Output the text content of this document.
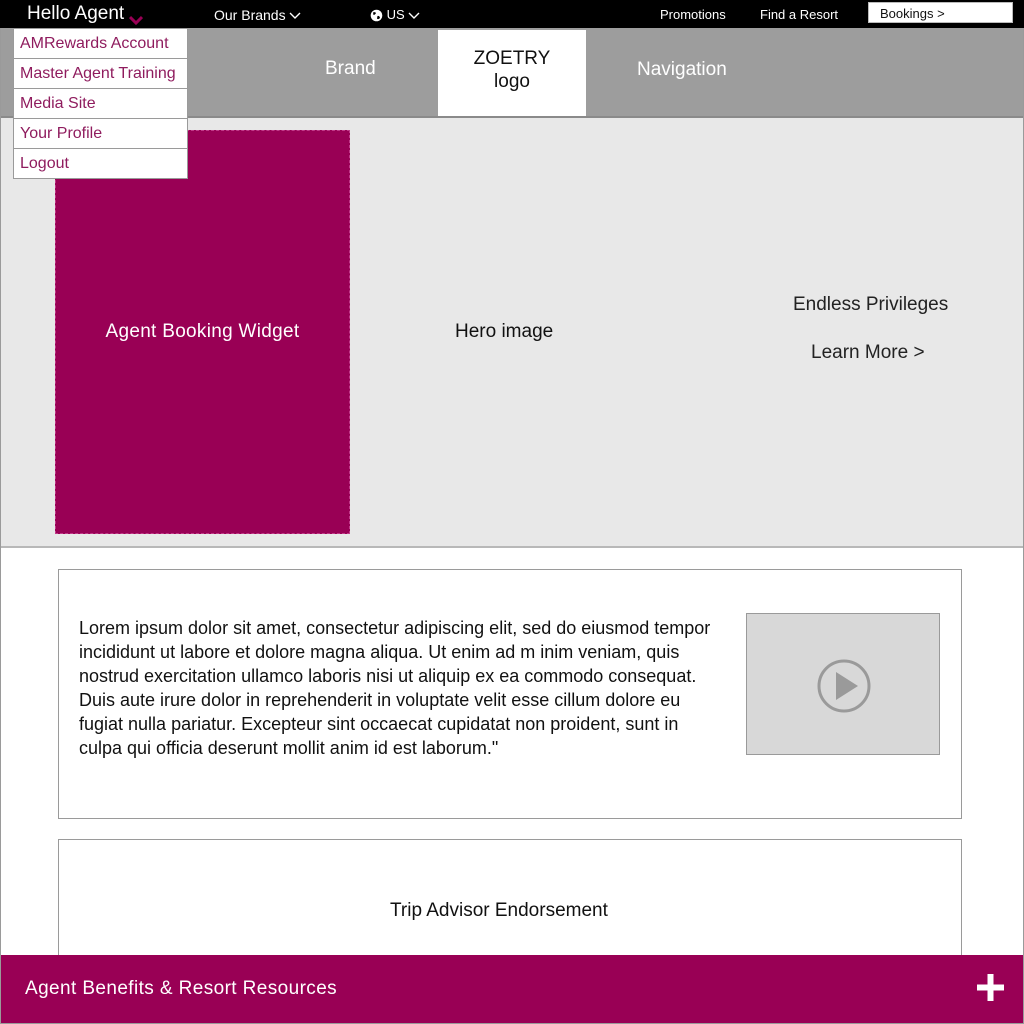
Hello Agent	Our Brands	US	Promotions	Find a Resort	Bookings >
Brand	ZOETRY
logo
Navigation
Agent Booking Widget	Hero image
Endless Privileges
Learn More >
AMRewards Account
Master Agent Training
Media Site
Your Profile
Logout
Lorem ipsum dolor sit amet, consectetur adipiscing elit, sed do eiusmod tempor incididunt ut labore et dolore magna aliqua. Ut enim ad m inim veniam, quis nostrud exercitation ullamco laboris nisi ut aliquip ex ea commodo consequat. Duis aute irure dolor in reprehenderit in voluptate velit esse cillum dolore eu fugiat nulla pariatur. Excepteur sint occaecat cupidatat non proident, sunt in culpa qui officia deserunt mollit anim id est laborum."
Trip Advisor Endorsement
Agent Benefits & Resort Resources
